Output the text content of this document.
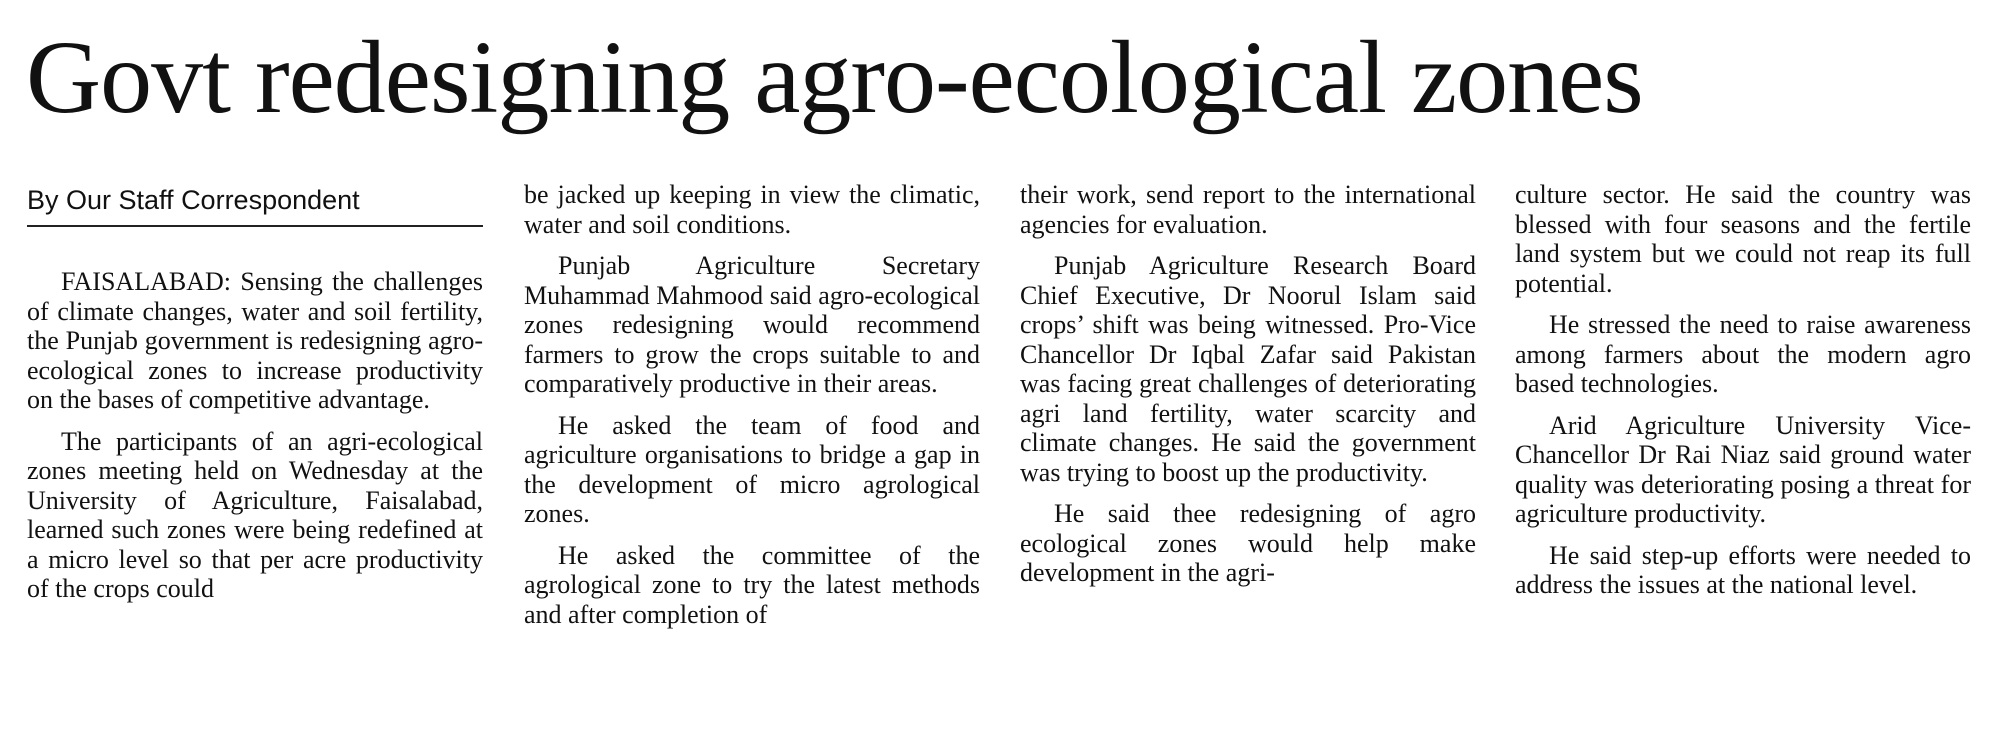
Govt redesigning agro-ecological zones
By Our Staff Correspondent

FAISALABAD: Sensing the challenges of climate changes, water and soil fertility, the Punjab government is redesigning agro-ecological zones to increase productivity on the bases of competitive advantage.

The participants of an agri-ecological zones meeting held on Wednesday at the University of Agriculture, Faisalabad, learned such zones were being redefined at a micro level so that per acre productivity of the crops could

be jacked up keeping in view the climatic, water and soil conditions.

Punjab Agriculture Secretary Muhammad Mahmood said agro-ecological zones redesigning would recommend farmers to grow the crops suitable to and comparatively productive in their areas.

He asked the team of food and agriculture organisations to bridge a gap in the development of micro agrological zones.

He asked the committee of the agrological zone to try the latest methods and after completion of

their work, send report to the international agencies for evaluation.

Punjab Agriculture Research Board Chief Executive, Dr Noorul Islam said crops’ shift was being witnessed. Pro-Vice Chancellor Dr Iqbal Zafar said Pakistan was facing great challenges of deteriorating agri land fertility, water scarcity and climate changes. He said the government was trying to boost up the productivity.

He said thee redesigning of agro ecological zones would help make development in the agri-

culture sector. He said the country was blessed with four seasons and the fertile land system but we could not reap its full potential.

He stressed the need to raise awareness among farmers about the modern agro based technologies.

Arid Agriculture University Vice-Chancellor Dr Rai Niaz said ground water quality was deteriorating posing a threat for agriculture productivity.

He said step-up efforts were needed to address the issues at the national level.
